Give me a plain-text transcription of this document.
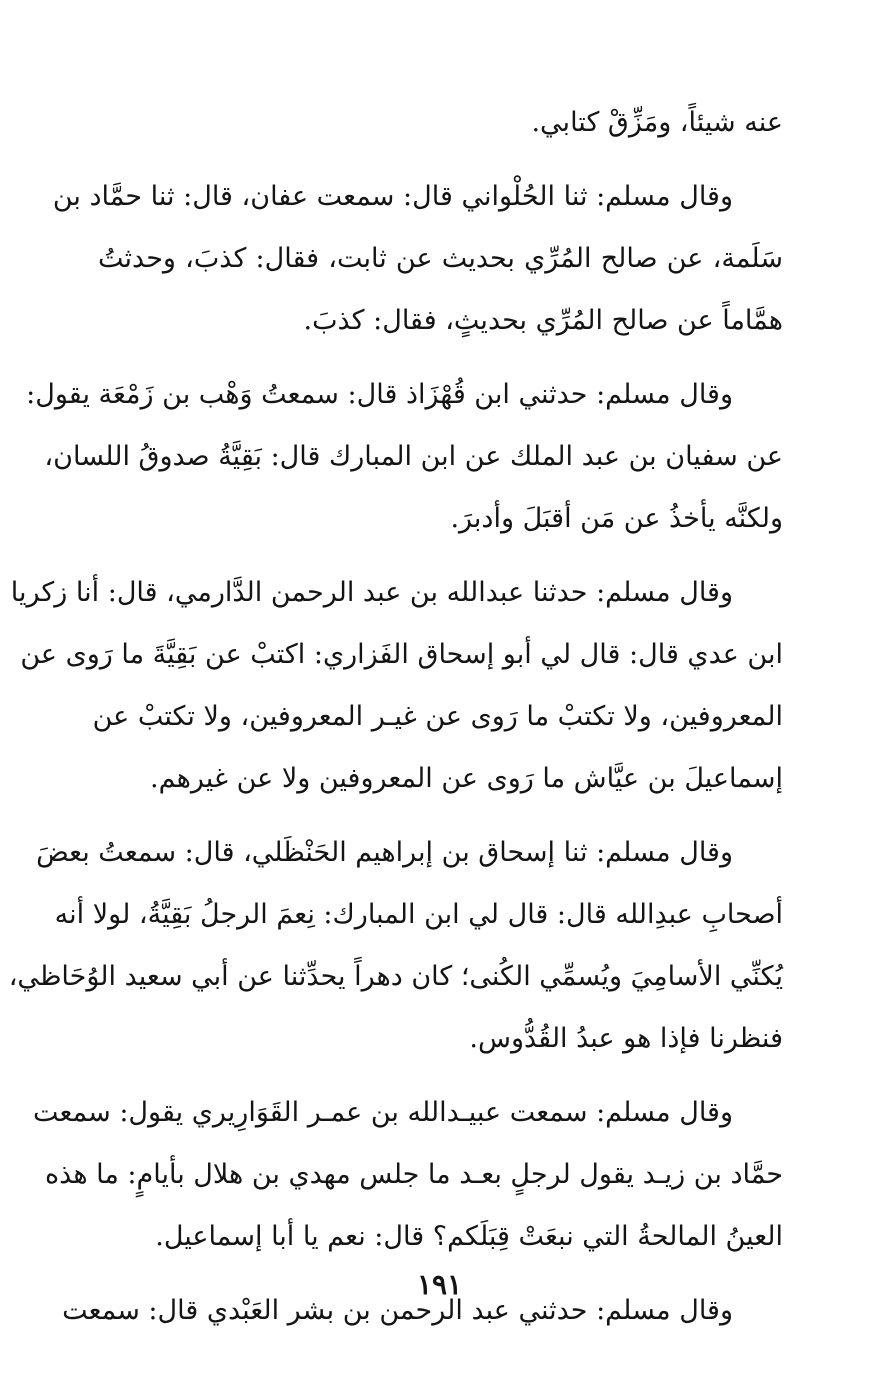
عنه شيئاً، ومَزِّقْ كتابي.
وقال مسلم: ثنا الحُلْواني قال: سمعت عفان، قال: ثنا حمَّاد بن
سَلَمة، عن صالح المُرِّي بحديث عن ثابت، فقال: كذبَ، وحدثتُ
همَّاماً عن صالح المُرِّي بحديثٍ، فقال: كذبَ.
وقال مسلم: حدثني ابن قُهْزَاذ قال: سمعتُ وَهْب بن زَمْعَة يقول:
عن سفيان بن عبد الملك عن ابن المبارك قال: بَقِيَّةُ صدوقُ اللسان،
ولكنَّه يأخذُ عن مَن أقبَلَ وأدبرَ.
وقال مسلم: حدثنا عبدالله بن عبد الرحمن الدَّارمي، قال: أنا زكريا
ابن عدي قال: قال لي أبو إسحاق الفَزاري: اكتبْ عن بَقِيَّةَ ما رَوى عن
المعروفين، ولا تكتبْ ما رَوى عن غيـر المعروفين، ولا تكتبْ عن
إسماعيلَ بن عيَّاش ما رَوى عن المعروفين ولا عن غيرهم.
وقال مسلم: ثنا إسحاق بن إبراهيم الحَنْظَلي، قال: سمعتُ بعضَ
أصحابِ عبدِالله قال: قال لي ابن المبارك: نِعمَ الرجلُ بَقِيَّةُ، لولا أنه
يُكنِّي الأسامِيَ ويُسمِّي الكُنى؛ كان دهراً يحدِّثنا عن أبي سعيد الوُحَاظي،
فنظرنا فإذا هو عبدُ القُدُّوس.
وقال مسلم: سمعت عبيـدالله بن عمـر القَوَارِيري يقول: سمعت
حمَّاد بن زيـد يقول لرجلٍ بعـد ما جلس مهدي بن هلال بأيامٍ: ما هذه
العينُ المالحةُ التي نبعَتْ قِبَلَكم؟ قال: نعم يا أبا إسماعيل.
وقال مسلم: حدثني عبد الرحمن بن بشر العَبْدي قال: سمعت
١٩١
